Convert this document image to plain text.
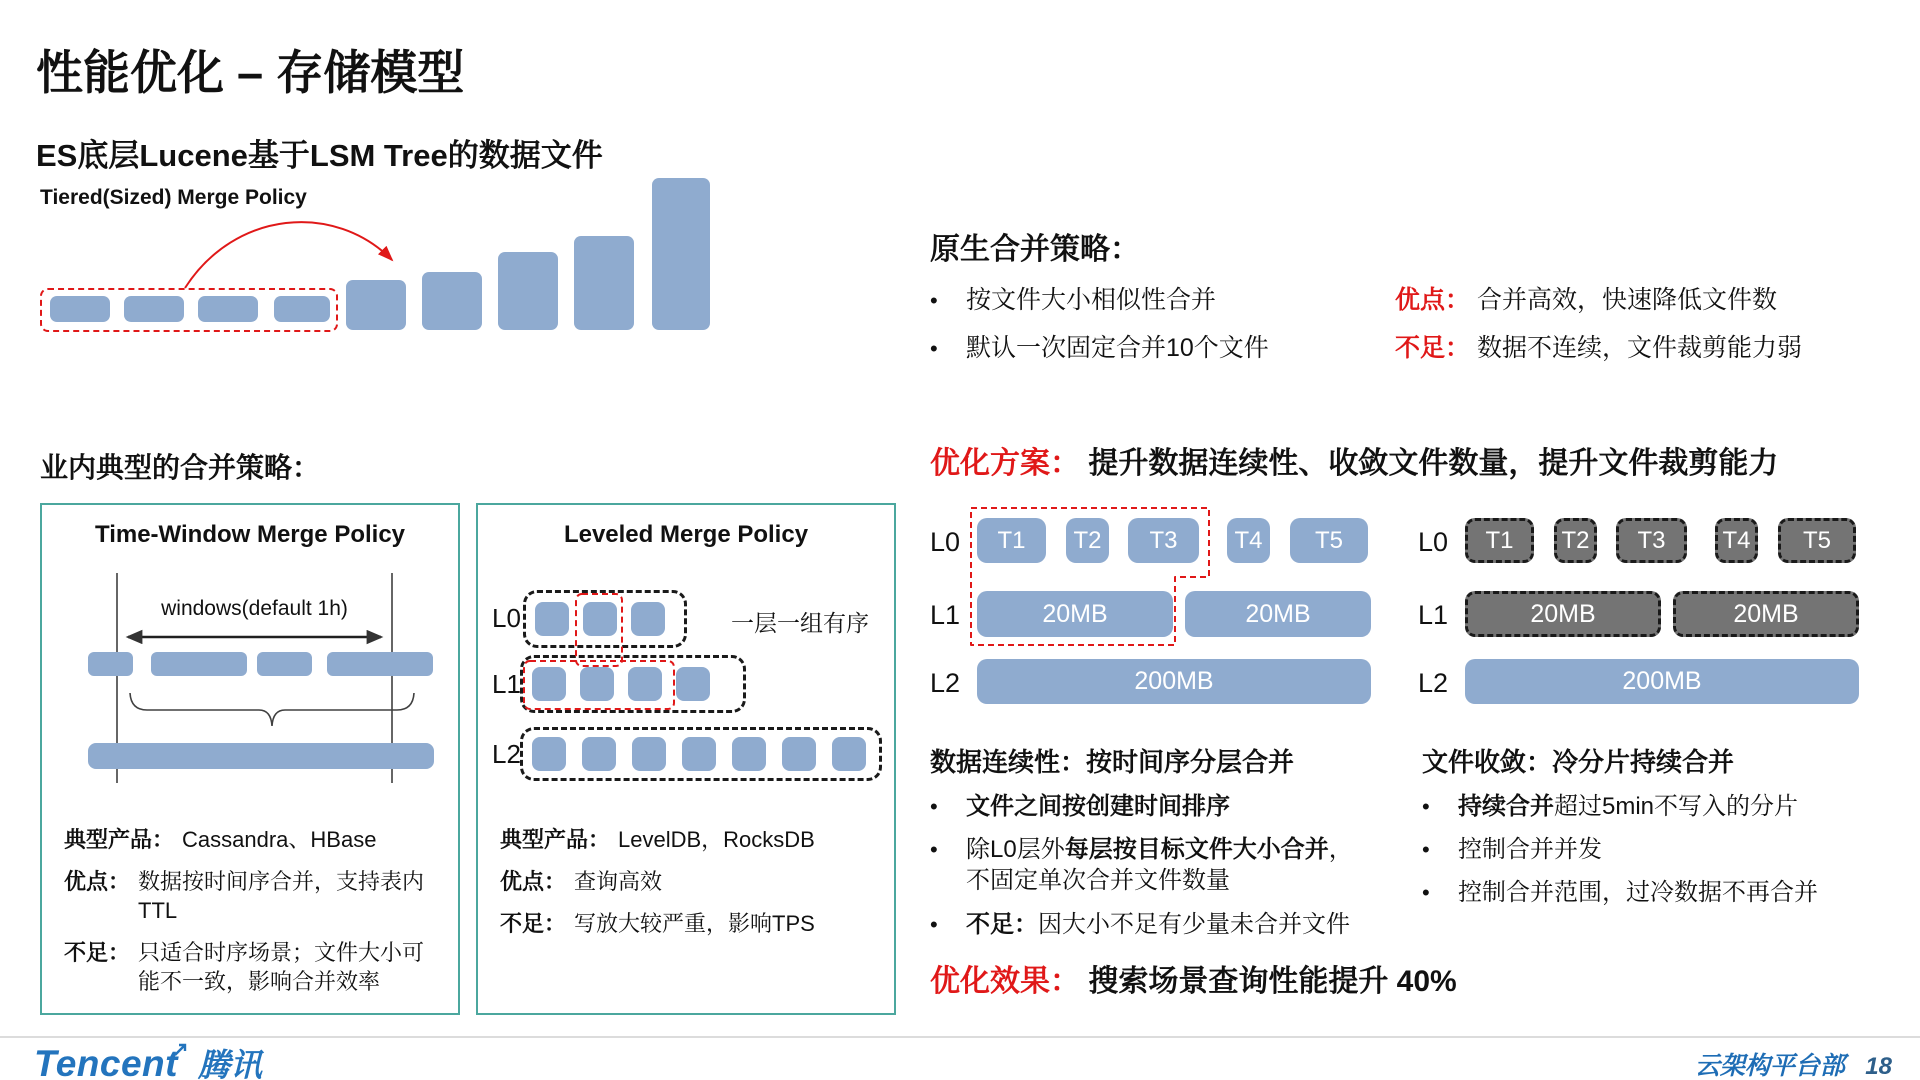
性能优化 – 存储模型
ES底层Lucene基于LSM Tree的数据文件
Tiered(Sized) Merge Policy
原生合并策略：
•按文件大小相似性合并	优点： 合并高效，快速降低文件数
•默认一次固定合并10个文件	不足： 数据不连续，文件裁剪能力弱
业内典型的合并策略：
Time-Window Merge Policy
windows(default 1h)
典型产品： Cassandra、HBase
优点： 数据按时间序合并，支持表内TTL
不足： 只适合时序场景；文件大小可能不一致，影响合并效率
Leveled Merge Policy
L0	一层一组有序
L1
L2
典型产品： LevelDB，RocksDB
优点： 查询高效
不足： 写放大较严重，影响TPS
优化方案： 提升数据连续性、收敛文件数量，提升文件裁剪能力
L0	T1	T2	T3	T4	T5
L1	20MB	20MB
L2	200MB
L0	T1	T2	T3	T4	T5
L1	20MB	20MB
L2	200MB
数据连续性：按时间序分层合并
•
文件之间按创建时间排序
•
除L0层外每层按目标文件大小合并，不固定单次合并文件数量
•
不足：因大小不足有少量未合并文件
文件收敛：冷分片持续合并
•
持续合并超过5min不写入的分片
•
控制合并并发
•
控制合并范围，过冷数据不再合并
优化效果： 搜索场景查询性能提升 40%
Tencent 腾讯	云架构平台部 18
